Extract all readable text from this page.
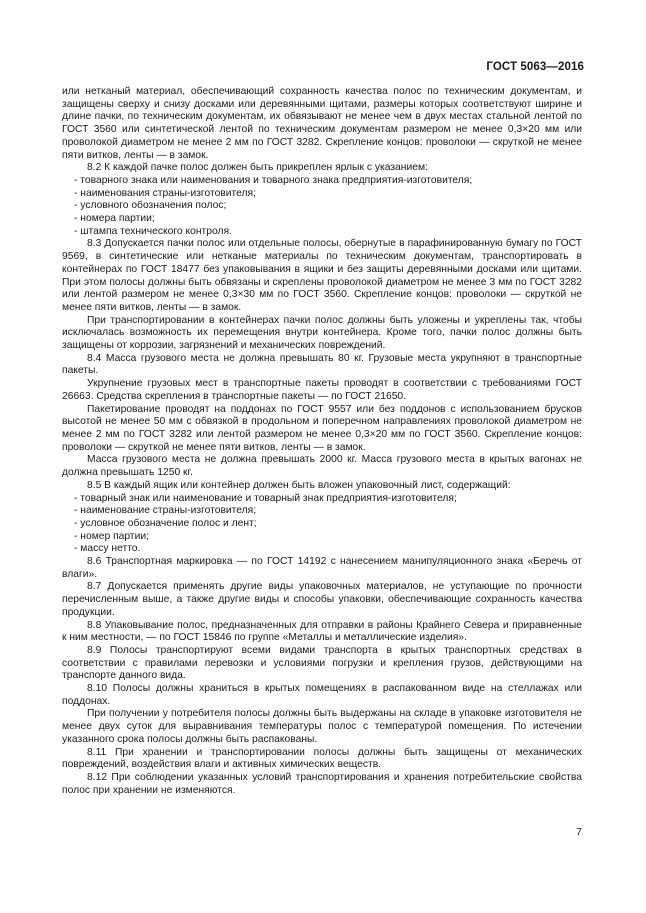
ГОСТ 5063—2016

или нетканый материал, обеспечивающий сохранность качества полос по техническим документам, и защищены сверху и снизу досками или деревянными щитами, размеры которых соответствуют ширине и длине пачки, по техническим документам, их обвязывают не менее чем в двух местах стальной лентой по ГОСТ 3560 или синтетической лентой по техническим документам размером не менее 0,3×20 мм или проволокой диаметром не менее 2 мм по ГОСТ 3282. Скрепление концов: проволоки — скруткой не менее пяти витков, ленты — в замок.

8.2 К каждой пачке полос должен быть прикреплен ярлык с указанием:

- товарного знака или наименования и товарного знака предприятия-изготовителя;

- наименования страны-изготовителя;

- условного обозначения полос;

- номера партии;

- штампа технического контроля.

8.3 Допускается пачки полос или отдельные полосы, обернутые в парафинированную бумагу по ГОСТ 9569, в синтетические или нетканые материалы по техническим документам, транспортировать в контейнерах по ГОСТ 18477 без упаковывания в ящики и без защиты деревянными досками или щитами. При этом полосы должны быть обвязаны и скреплены проволокой диаметром не менее 3 мм по ГОСТ 3282 или лентой размером не менее 0,3×30 мм по ГОСТ 3560. Скрепление концов: проволоки — скруткой не менее пяти витков, ленты — в замок.

При транспортировании в контейнерах пачки полос должны быть уложены и укреплены так, чтобы исключалась возможность их перемещения внутри контейнера. Кроме того, пачки полос должны быть защищены от коррозии, загрязнений и механических повреждений.

8.4 Масса грузового места не должна превышать 80 кг. Грузовые места укрупняют в транспортные пакеты.

Укрупнение грузовых мест в транспортные пакеты проводят в соответствии с требованиями ГОСТ 26663. Средства скрепления в транспортные пакеты — по ГОСТ 21650.

Пакетирование проводят на поддонах по ГОСТ 9557 или без поддонов с использованием брусков высотой не менее 50 мм с обвязкой в продольном и поперечном направлениях проволокой диаметром не менее 2 мм по ГОСТ 3282 или лентой размером не менее 0,3×20 мм по ГОСТ 3560. Скрепление концов: проволоки — скруткой не менее пяти витков, ленты — в замок.

Масса грузового места не должна превышать 2000 кг. Масса грузового места в крытых вагонах не должна превышать 1250 кг.

8.5 В каждый ящик или контейнер должен быть вложен упаковочный лист, содержащий:

- товарный знак или наименование и товарный знак предприятия-изготовителя;

- наименование страны-изготовителя;

- условное обозначение полос и лент;

- номер партии;

- массу нетто.

8.6 Транспортная маркировка — по ГОСТ 14192 с нанесением манипуляционного знака «Беречь от влаги».

8.7 Допускается применять другие виды упаковочных материалов, не уступающие по прочности перечисленным выше, а также другие виды и способы упаковки, обеспечивающие сохранность качества продукции.

8.8 Упаковывание полос, предназначенных для отправки в районы Крайнего Севера и приравненные к ним местности, — по ГОСТ 15846 по группе «Металлы и металлические изделия».

8.9 Полосы транспортируют всеми видами транспорта в крытых транспортных средствах в соответствии с правилами перевозки и условиями погрузки и крепления грузов, действующими на транспорте данного вида.

8.10 Полосы должны храниться в крытых помещениях в распакованном виде на стеллажах или поддонах.

При получении у потребителя полосы должны быть выдержаны на складе в упаковке изготовителя не менее двух суток для выравнивания температуры полос с температурой помещения. По истечении указанного срока полосы должны быть распакованы.

8.11 При хранении и транспортировании полосы должны быть защищены от механических повреждений, воздействия влаги и активных химических веществ.

8.12 При соблюдении указанных условий транспортирования и хранения потребительские свойства полос при хранении не изменяются.

7
